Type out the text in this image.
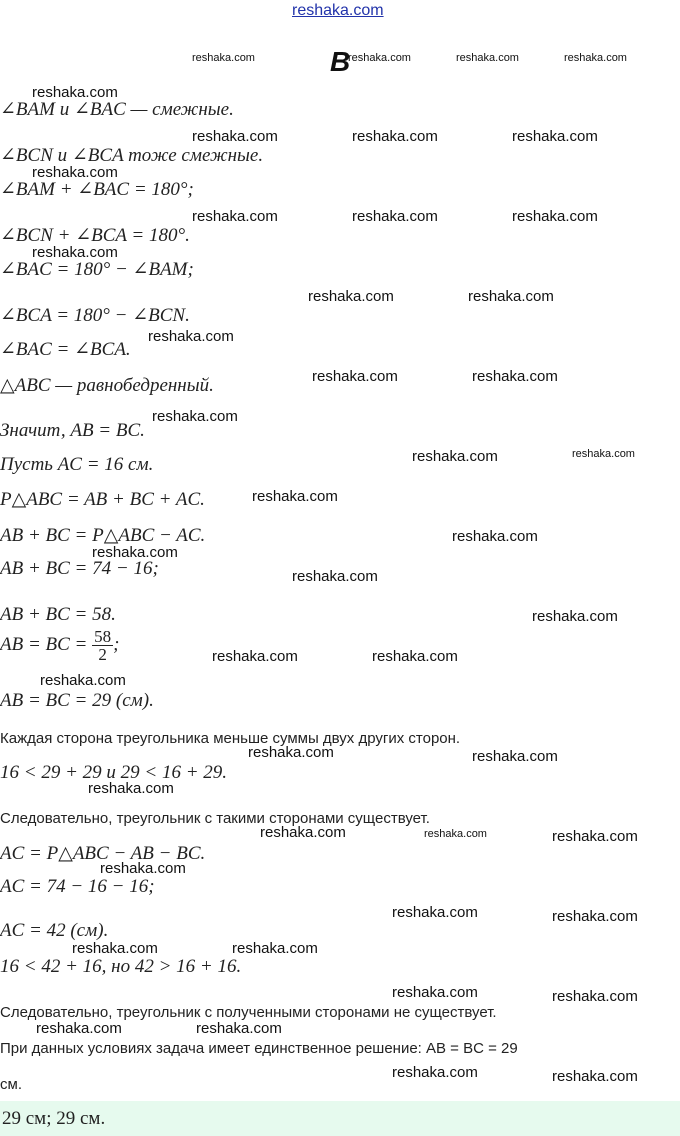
reshaka.com
B
reshaka.com	reshaka.com	reshaka.com	reshaka.com
reshaka.com
reshaka.com	reshaka.com	reshaka.com
reshaka.com
reshaka.com	reshaka.com	reshaka.com
reshaka.com
reshaka.com	reshaka.com
reshaka.com
reshaka.com	reshaka.com
reshaka.com
reshaka.com	reshaka.com
reshaka.com
reshaka.com
reshaka.com
reshaka.com
reshaka.com
reshaka.com	reshaka.com
reshaka.com
reshaka.com	reshaka.com
reshaka.com
reshaka.com	reshaka.com	reshaka.com
reshaka.com
reshaka.com	reshaka.com
reshaka.com	reshaka.com
reshaka.com	reshaka.com
reshaka.com	reshaka.com
reshaka.com	reshaka.com
∠BAM и ∠BAC — смежные.
∠BCN и ∠BCA тоже смежные.
∠BAM + ∠BAC = 180°;
∠BCN + ∠BCA = 180°.
∠BAC = 180° − ∠BAM;
∠BCA = 180° − ∠BCN.
∠BAC = ∠BCA.
△ABC — равнобедренный.
Значит, AB = BC.
Пусть AC = 16 см.
P△ABC = AB + BC + AC.
AB + BC = P△ABC − AC.
AB + BC = 74 − 16;
AB + BC = 58.
AB = BC = $\frac{58}{2}$ ;
AB = BC = 29 (см).
Каждая сторона треугольника меньше суммы двух других сторон.
16 < 29 + 29 и 29 < 16 + 29.
Следовательно, треугольник с такими сторонами существует.
AC = P△ABC − AB − BC.
AC = 74 − 16 − 16;
AC = 42 (см).
16 < 42 + 16, но 42 > 16 + 16.
Следовательно, треугольник с полученными сторонами не существует.
При данных условиях задача имеет единственное решение: AB = BC = 29
см.
29 см; 29 см.
